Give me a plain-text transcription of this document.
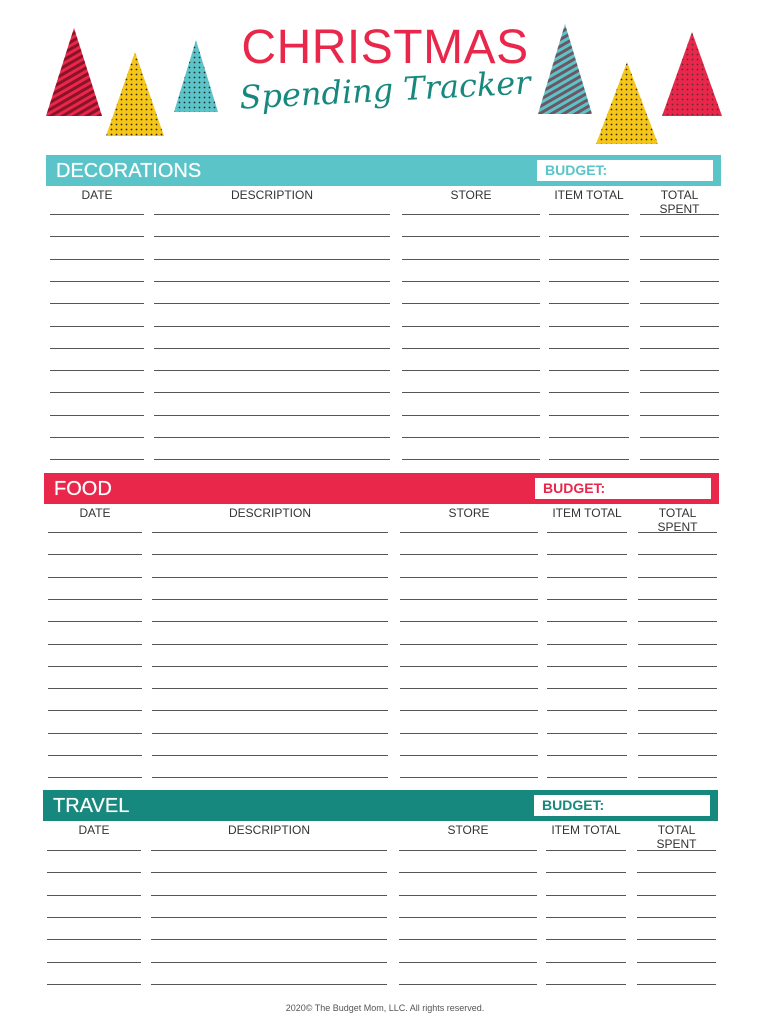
CHRISTMAS
Spending Tracker
DECORATIONS	BUDGET:
DATE	DESCRIPTION	STORE	ITEM TOTAL	TOTAL SPENT
FOOD	BUDGET:
DATE	DESCRIPTION	STORE	ITEM TOTAL	TOTAL SPENT
TRAVEL	BUDGET:
DATE	DESCRIPTION	STORE	ITEM TOTAL	TOTAL SPENT
2020© The Budget Mom, LLC. All rights reserved.
